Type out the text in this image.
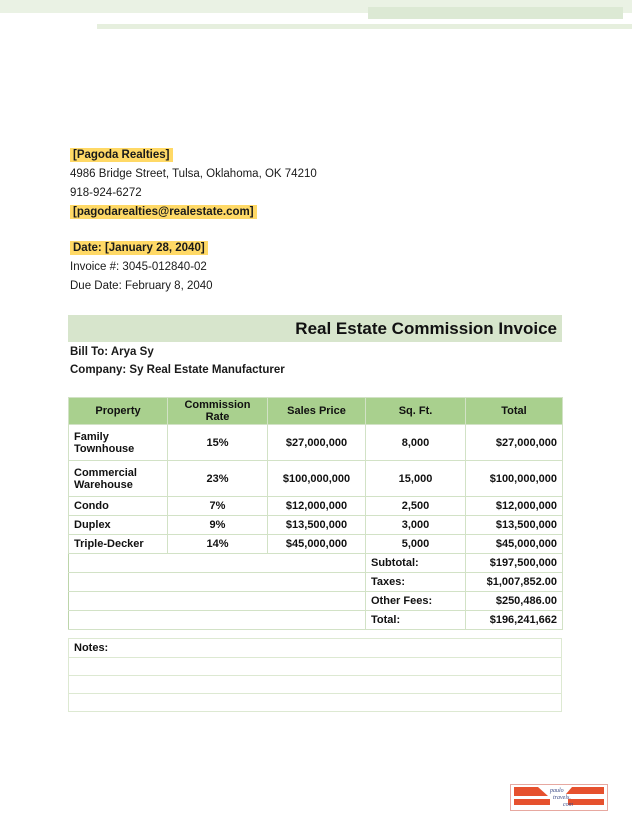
[Pagoda Realties]
4986 Bridge Street, Tulsa, Oklahoma, OK 74210
918-924-6272
[pagodarealties@realestate.com]
Date: [January 28, 2040]
Invoice #: 3045-012840-02
Due Date: February 8, 2040
Real Estate Commission Invoice
Bill To: Arya Sy
Company: Sy Real Estate Manufacturer
Property	Commission Rate	Sales Price	Sq. Ft.	Total
Family Townhouse	15%	$27,000,000	8,000	$27,000,000
Commercial Warehouse	23%	$100,000,000	15,000	$100,000,000
Condo	7%	$12,000,000	2,500	$12,000,000
Duplex	9%	$13,500,000	3,000	$13,500,000
Triple-Decker	14%	$45,000,000	5,000	$45,000,000
			Subtotal:	$197,500,000
			Taxes:	$1,007,852.00
			Other Fees:	$250,486.00
			Total:	$196,241,662
Notes:

paulo
travels.
com
